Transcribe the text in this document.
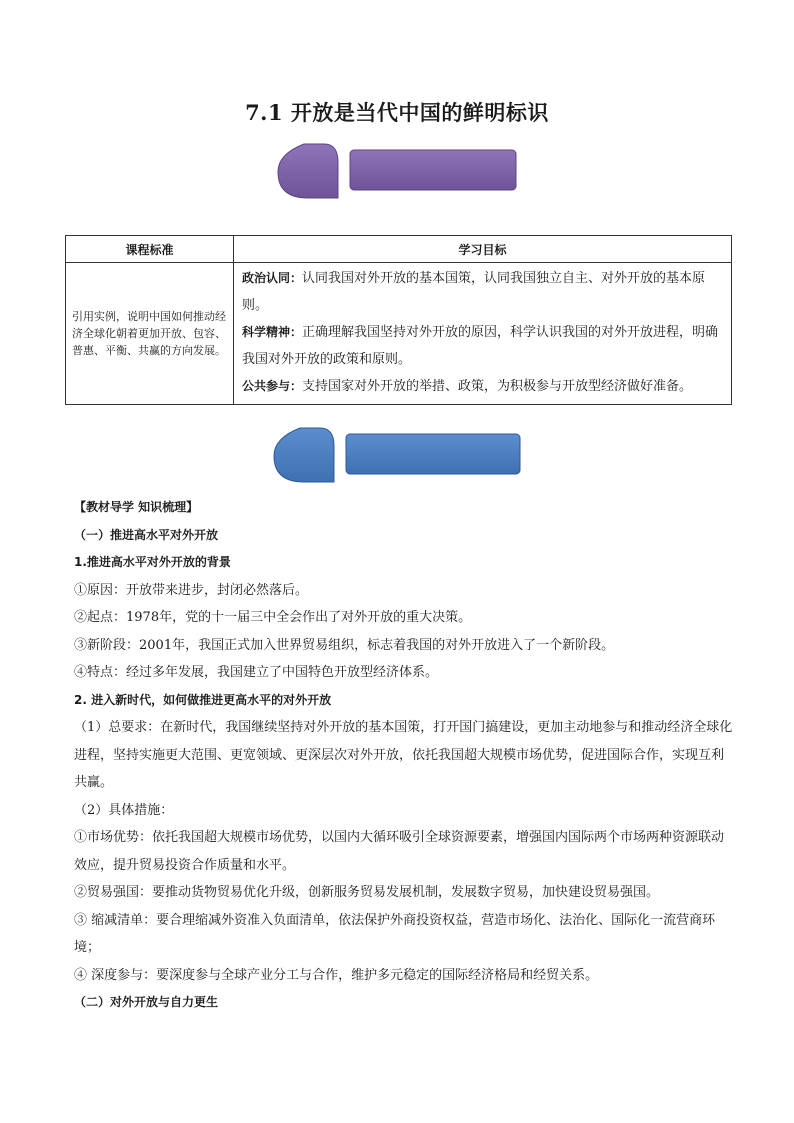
7.1 开放是当代中国的鲜明标识
课程标准	学习目标
引用实例，说明中国如何推动经济全球化朝着更加开放、包容、普惠、平衡、共赢的方向发展。	政治认同：认同我国对外开放的基本国策，认同我国独立自主、对外开放的基本原则。
科学精神：正确理解我国坚持对外开放的原因，科学认识我国的对外开放进程，明确我国对外开放的政策和原则。
公共参与：支持国家对外开放的举措、政策，为积极参与开放型经济做好准备。
【教材导学 知识梳理】
（一）推进高水平对外开放
1.推进高水平对外开放的背景
①原因：开放带来进步，封闭必然落后。
②起点：1978年，党的十一届三中全会作出了对外开放的重大决策。
③新阶段：2001年，我国正式加入世界贸易组织，标志着我国的对外开放进入了一个新阶段。
④特点：经过多年发展，我国建立了中国特色开放型经济体系。
2. 进入新时代，如何做推进更高水平的对外开放
（1）总要求：在新时代，我国继续坚持对外开放的基本国策，打开国门搞建设，更加主动地参与和推动经济全球化进程，坚持实施更大范围、更宽领域、更深层次对外开放，依托我国超大规模市场优势，促进国际合作，实现互利共赢。
（2）具体措施：
①市场优势：依托我国超大规模市场优势，以国内大循环吸引全球资源要素，增强国内国际两个市场两种资源联动效应，提升贸易投资合作质量和水平。
②贸易强国：要推动货物贸易优化升级，创新服务贸易发展机制，发展数字贸易，加快建设贸易强国。
③ 缩减清单：要合理缩减外资准入负面清单，依法保护外商投资权益，营造市场化、法治化、国际化一流营商环境；
④ 深度参与：要深度参与全球产业分工与合作，维护多元稳定的国际经济格局和经贸关系。
（二）对外开放与自力更生
